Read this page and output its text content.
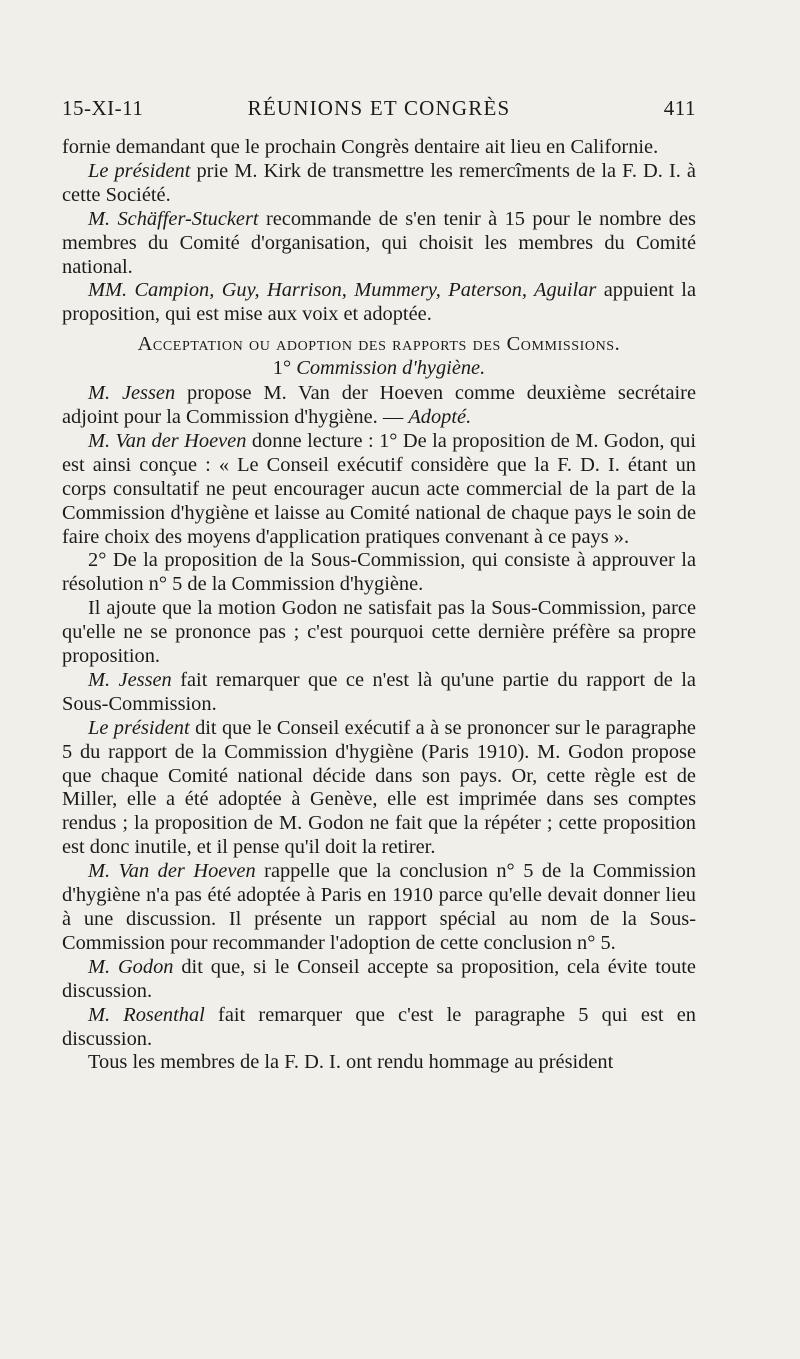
15-XI-11	RÉUNIONS ET CONGRÈS	411

fornie demandant que le prochain Congrès dentaire ait lieu en Californie.

Le président prie M. Kirk de transmettre les remercîments de la F. D. I. à cette Société.

M. Schäffer-Stuckert recommande de s'en tenir à 15 pour le nombre des membres du Comité d'organisation, qui choisit les membres du Comité national.

MM. Campion, Guy, Harrison, Mummery, Paterson, Aguilar appuient la proposition, qui est mise aux voix et adoptée.

Acceptation ou adoption des rapports des Commissions.

1° Commission d'hygiène.

M. Jessen propose M. Van der Hoeven comme deuxième secrétaire adjoint pour la Commission d'hygiène. — Adopté.

M. Van der Hoeven donne lecture : 1° De la proposition de M. Godon, qui est ainsi conçue : « Le Conseil exécutif considère que la F. D. I. étant un corps consultatif ne peut encourager aucun acte commercial de la part de la Commission d'hygiène et laisse au Comité national de chaque pays le soin de faire choix des moyens d'application pratiques convenant à ce pays ».

2° De la proposition de la Sous-Commission, qui consiste à approuver la résolution n° 5 de la Commission d'hygiène.

Il ajoute que la motion Godon ne satisfait pas la Sous-Commission, parce qu'elle ne se prononce pas ; c'est pourquoi cette dernière préfère sa propre proposition.

M. Jessen fait remarquer que ce n'est là qu'une partie du rapport de la Sous-Commission.

Le président dit que le Conseil exécutif a à se prononcer sur le paragraphe 5 du rapport de la Commission d'hygiène (Paris 1910). M. Godon propose que chaque Comité national décide dans son pays. Or, cette règle est de Miller, elle a été adoptée à Genève, elle est imprimée dans ses comptes rendus ; la proposition de M. Godon ne fait que la répéter ; cette proposition est donc inutile, et il pense qu'il doit la retirer.

M. Van der Hoeven rappelle que la conclusion n° 5 de la Commission d'hygiène n'a pas été adoptée à Paris en 1910 parce qu'elle devait donner lieu à une discussion. Il présente un rapport spécial au nom de la Sous-Commission pour recommander l'adoption de cette conclusion n° 5.

M. Godon dit que, si le Conseil accepte sa proposition, cela évite toute discussion.

M. Rosenthal fait remarquer que c'est le paragraphe 5 qui est en discussion.

Tous les membres de la F. D. I. ont rendu hommage au président
